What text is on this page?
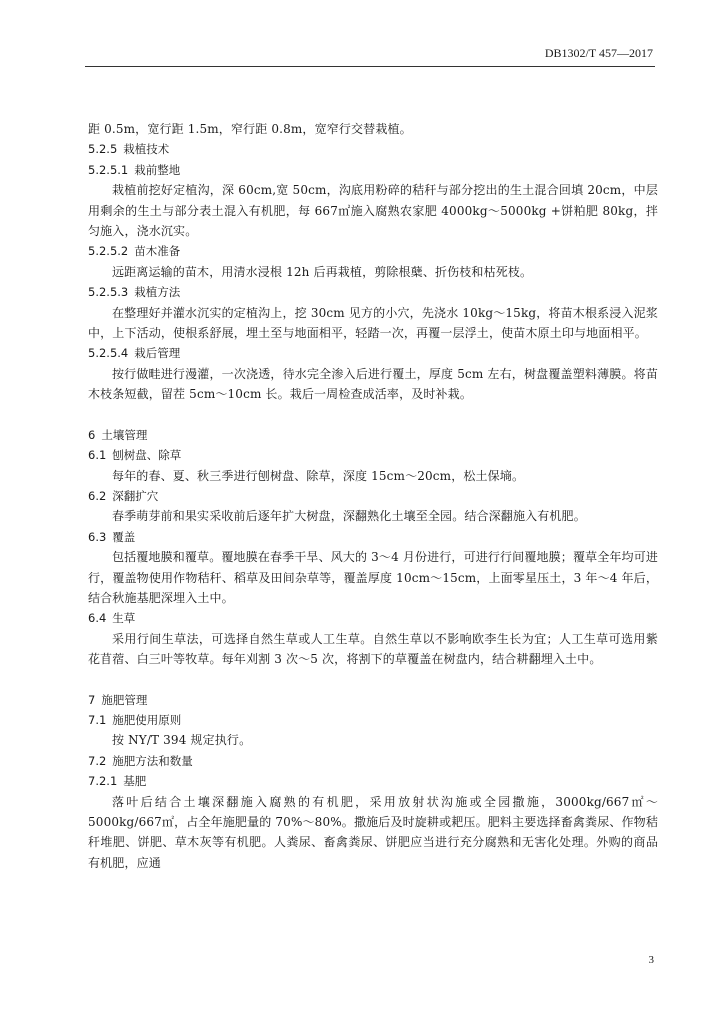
DB1302/T 457—2017

距 0.5m，宽行距 1.5m，窄行距 0.8m，宽窄行交替栽植。

5.2.5 栽植技术
5.2.5.1 栽前整地

栽植前挖好定植沟，深 60cm,宽 50cm，沟底用粉碎的秸秆与部分挖出的生土混合回填 20cm，中层用剩余的生土与部分表土混入有机肥，每 667㎡施入腐熟农家肥 4000kg～5000kg +饼粕肥 80kg，拌匀施入，浇水沉实。

5.2.5.2 苗木准备

远距离运输的苗木，用清水浸根 12h 后再栽植，剪除根蘖、折伤枝和枯死枝。

5.2.5.3 栽植方法

在整理好并灌水沉实的定植沟上，挖 30cm 见方的小穴，先浇水 10kg～15kg，将苗木根系浸入泥浆中，上下活动，使根系舒展，埋土至与地面相平，轻踏一次，再覆一层浮土，使苗木原土印与地面相平。

5.2.5.4 栽后管理

按行做畦进行漫灌，一次浇透，待水完全渗入后进行覆土，厚度 5cm 左右，树盘覆盖塑料薄膜。将苗木枝条短截，留茬 5cm～10cm 长。栽后一周检查成活率，及时补栽。

6 土壤管理
6.1 刨树盘、除草

每年的春、夏、秋三季进行刨树盘、除草，深度 15cm～20cm，松土保墒。

6.2 深翻扩穴

春季萌芽前和果实采收前后逐年扩大树盘，深翻熟化土壤至全园。结合深翻施入有机肥。

6.3 覆盖

包括覆地膜和覆草。覆地膜在春季干旱、风大的 3～4 月份进行，可进行行间覆地膜；覆草全年均可进行，覆盖物使用作物秸秆、稻草及田间杂草等，覆盖厚度 10cm～15cm，上面零星压土，3 年～4 年后，结合秋施基肥深埋入土中。

6.4 生草

采用行间生草法，可选择自然生草或人工生草。自然生草以不影响欧李生长为宜；人工生草可选用紫花苜蓿、白三叶等牧草。每年刈割 3 次～5 次，将割下的草覆盖在树盘内，结合耕翻埋入土中。

7 施肥管理
7.1 施肥使用原则

按 NY/T 394 规定执行。

7.2 施肥方法和数量
7.2.1 基肥

落叶后结合土壤深翻施入腐熟的有机肥，采用放射状沟施或全园撒施，3000kg/667㎡～5000kg/667㎡，占全年施肥量的 70%～80%。撒施后及时旋耕或耙压。肥料主要选择畜禽粪尿、作物秸秆堆肥、饼肥、草木灰等有机肥。人粪尿、畜禽粪尿、饼肥应当进行充分腐熟和无害化处理。外购的商品有机肥，应通

3
